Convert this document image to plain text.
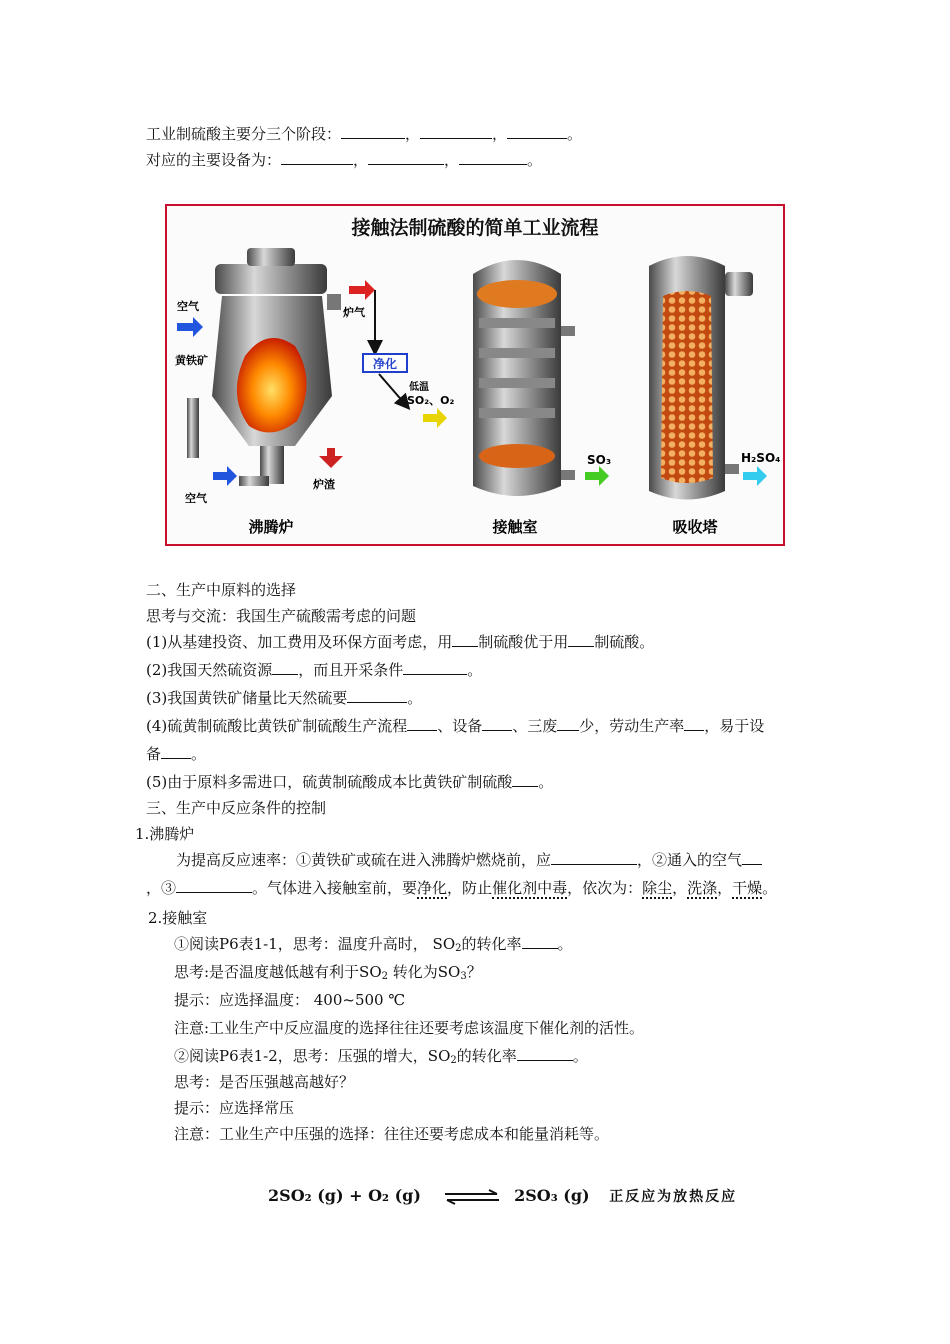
工业制硫酸主要分三个阶段：	，	，	。
对应的主要设备为：	，	，	。
接触法制硫酸的简单工业流程
空气
黄铁矿
空气
炉气
炉渣
沸腾炉
净化
低温
SO₂、O₂
接触室
SO₃
吸收塔
H₂SO₄
二、生产中原料的选择
思考与交流：我国生产硫酸需考虑的问题
(1)从基建投资、加工费用及环保方面考虑，用 制硫酸优于用 制硫酸。
(2)我国天然硫资源 ，而且开采条件	。
(3)我国黄铁矿储量比天然硫要	。
(4)硫黄制硫酸比黄铁矿制硫酸生产流程 、设备 、三废 少，劳动生产率 ，易于设
备 。
(5)由于原料多需进口，硫黄制硫酸成本比黄铁矿制硫酸 。
三、生产中反应条件的控制
1.沸腾炉
为提高反应速率：①黄铁矿或硫在进入沸腾炉燃烧前，应	，②通入的空气
，③	。气体进入接触室前，要净化，防止催化剂中毒，依次为：除尘，洗涤，干燥。
2.接触室
①阅读P6表1-1，思考：温度升高时， $SO_2$的转化率 。
思考:是否温度越低越有利于$SO_2$ 转化为$SO_3$？
提示：应选择温度： 400~500 ℃
注意:工业生产中反应温度的选择往往还要考虑该温度下催化剂的活性。
②阅读P6表1-2，思考：压强的增大，$SO_2$的转化率	。
思考：是否压强越高越好？
提示：应选择常压
注意：工业生产中压强的选择：往往还要考虑成本和能量消耗等。
2SO₂ (g) + O₂ (g) ⇌ 2SO₃ (g) 正反应为放热反应
